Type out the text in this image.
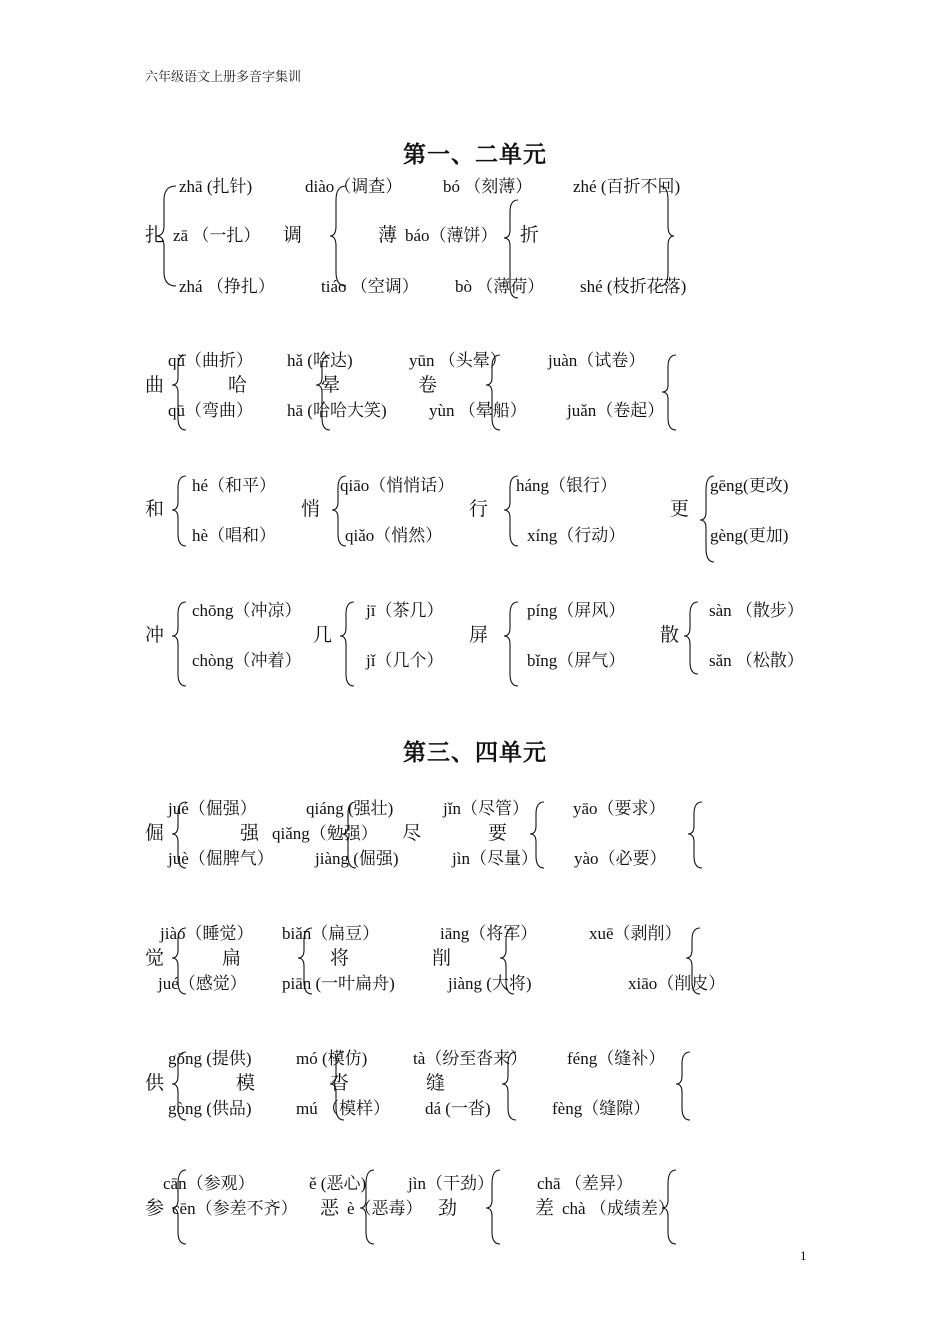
六年级语文上册多音字集训
第一、二单元
第三、四单元
zhā (扎针)	diào（调查） bó （刻薄） zhé (百折不回)
扎 zā （一扎） 调	薄 báo（薄饼） 折
zhá （挣扎）	tiáo （空调） bò （薄荷） shé (枝折花落)
qǔ（曲折） hǎ (哈达)	yūn （头晕） juàn（试卷）
曲	哈	晕	卷
qū（弯曲） hā (哈哈大笑) yùn （晕船） juǎn（卷起）
hé（和平）	qiāo（悄悄话）	háng（银行）	gēng(更改)
和	悄	行	更
hè（唱和）	qiǎo（悄然）	xíng（行动）	gèng(更加)
chōng（冲凉）	jī（茶几）	píng（屏风）	sàn （散步）
冲	几	屏	散
chòng（冲着）	jǐ（几个）	bǐng（屏气）	sǎn （松散）
jué（倔强）	qiáng (强壮)	jǐn（尽管）	yāo（要求）
倔	强 qiǎng（勉强） 尽	要
juè（倔脾气） jiàng (倔强)	jìn（尽量） yào（必要）
jiào（睡觉） biǎn（扁豆）	iāng（将军）	xuē（剥削）
觉	扁	将	削
jué（感觉） piān (一叶扁舟)	jiàng (大将)	xiāo（削皮）
gōng (提供)	mó (模仿)	tà（纷至沓来） féng（缝补）
供	模	沓	缝
gòng (供品)	mú （模样） dá (一沓)	fèng（缝隙）
cān（参观）	ě (恶心) jìn（干劲）	chā （差异）
参 cēn（参差不齐） 恶 è（恶毒） 劲	差 chà （成绩差）
1
